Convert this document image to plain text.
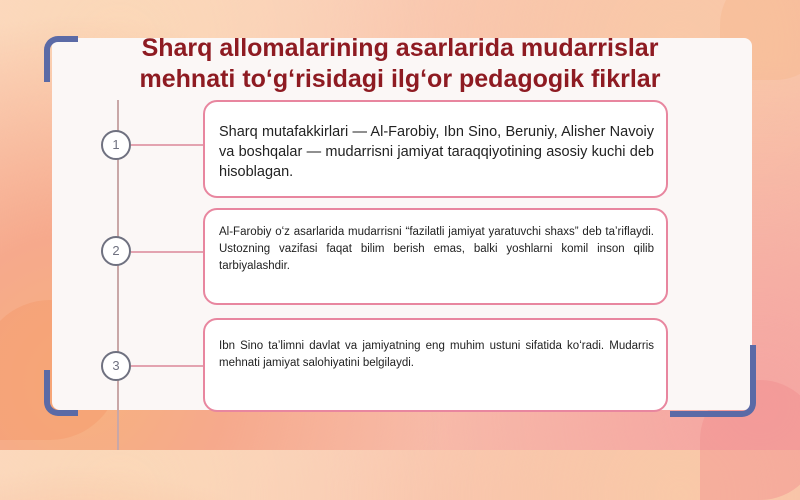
Sharq allomalarining asarlarida mudarrislar
mehnati to‘g‘risidagi ilg‘or pedagogik fikrlar
1
2
3
Sharq mutafakkirlari — Al-Farobiy, Ibn Sino, Beruniy, Alisher Navoiy va boshqalar — mudarrisni jamiyat taraqqiyotining asosiy kuchi deb hisoblagan.
Al-Farobiy oʻz asarlarida mudarrisni “fazilatli jamiyat yaratuvchi shaxs” deb taʼriflaydi. Ustozning vazifasi faqat bilim berish emas, balki yoshlarni komil inson qilib tarbiyalashdir.
Ibn Sino taʼlimni davlat va jamiyatning eng muhim ustuni sifatida koʻradi. Mudarris mehnati jamiyat salohiyatini belgilaydi.
